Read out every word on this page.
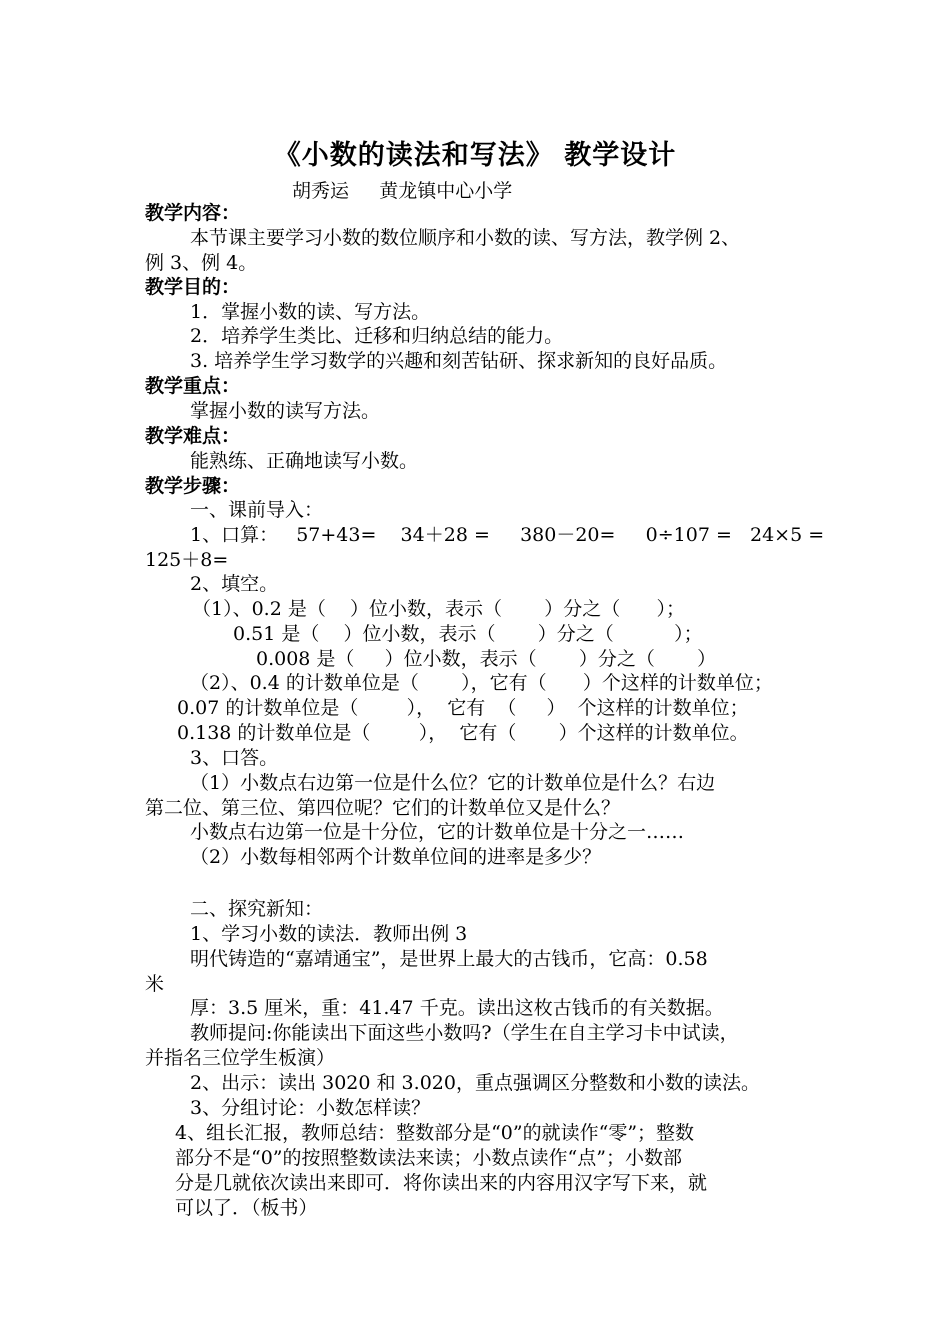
《小数的读法和写法》 教学设计
胡秀运     黄龙镇中心小学
教学内容：
本节课主要学习小数的数位顺序和小数的读、写方法，教学例 2、
例 3、例 4。
教学目的：
1．掌握小数的读、写方法。
2．培养学生类比、迁移和归纳总结的能力。
3. 培养学生学习数学的兴趣和刻苦钻研、探求新知的良好品质。
教学重点：
掌握小数的读写方法。
教学难点：
能熟练、正确地读写小数。
教学步骤：
一、课前导入：
1、口算：   57+43=    34＋28 =     380－20=     0÷107 =   24×5 =
125＋8=
2、填空。
（1）、0.2 是（    ）位小数，表示（       ）分之（      ）；
0.51 是（    ）位小数，表示（       ）分之（          ）；
0.008 是（     ）位小数，表示（       ）分之（       ）
（2）、0.4 的计数单位是（       ），它有（      ）个这样的计数单位；
0.07 的计数单位是（        ），  它有  （     ）  个这样的计数单位；
0.138 的计数单位是（        ），  它有（       ）个这样的计数单位。
3、口答。
（1）小数点右边第一位是什么位？它的计数单位是什么？右边
第二位、第三位、第四位呢？它们的计数单位又是什么？
小数点右边第一位是十分位，它的计数单位是十分之一……
（2）小数每相邻两个计数单位间的进率是多少？
二、探究新知：
1、学习小数的读法．教师出例 3
明代铸造的“嘉靖通宝”，是世界上最大的古钱币，它高：0.58
米
厚：3.5 厘米，重：41.47 千克。读出这枚古钱币的有关数据。
教师提问:你能读出下面这些小数吗?（学生在自主学习卡中试读，
并指名三位学生板演）
2、出示：读出 3020 和 3.020，重点强调区分整数和小数的读法。
3、分组讨论：小数怎样读？
4、组长汇报，教师总结：整数部分是“0”的就读作“零”；整数
部分不是“0”的按照整数读法来读；小数点读作“点”；小数部
分是几就依次读出来即可．将你读出来的内容用汉字写下来，就
可以了．（板书）
